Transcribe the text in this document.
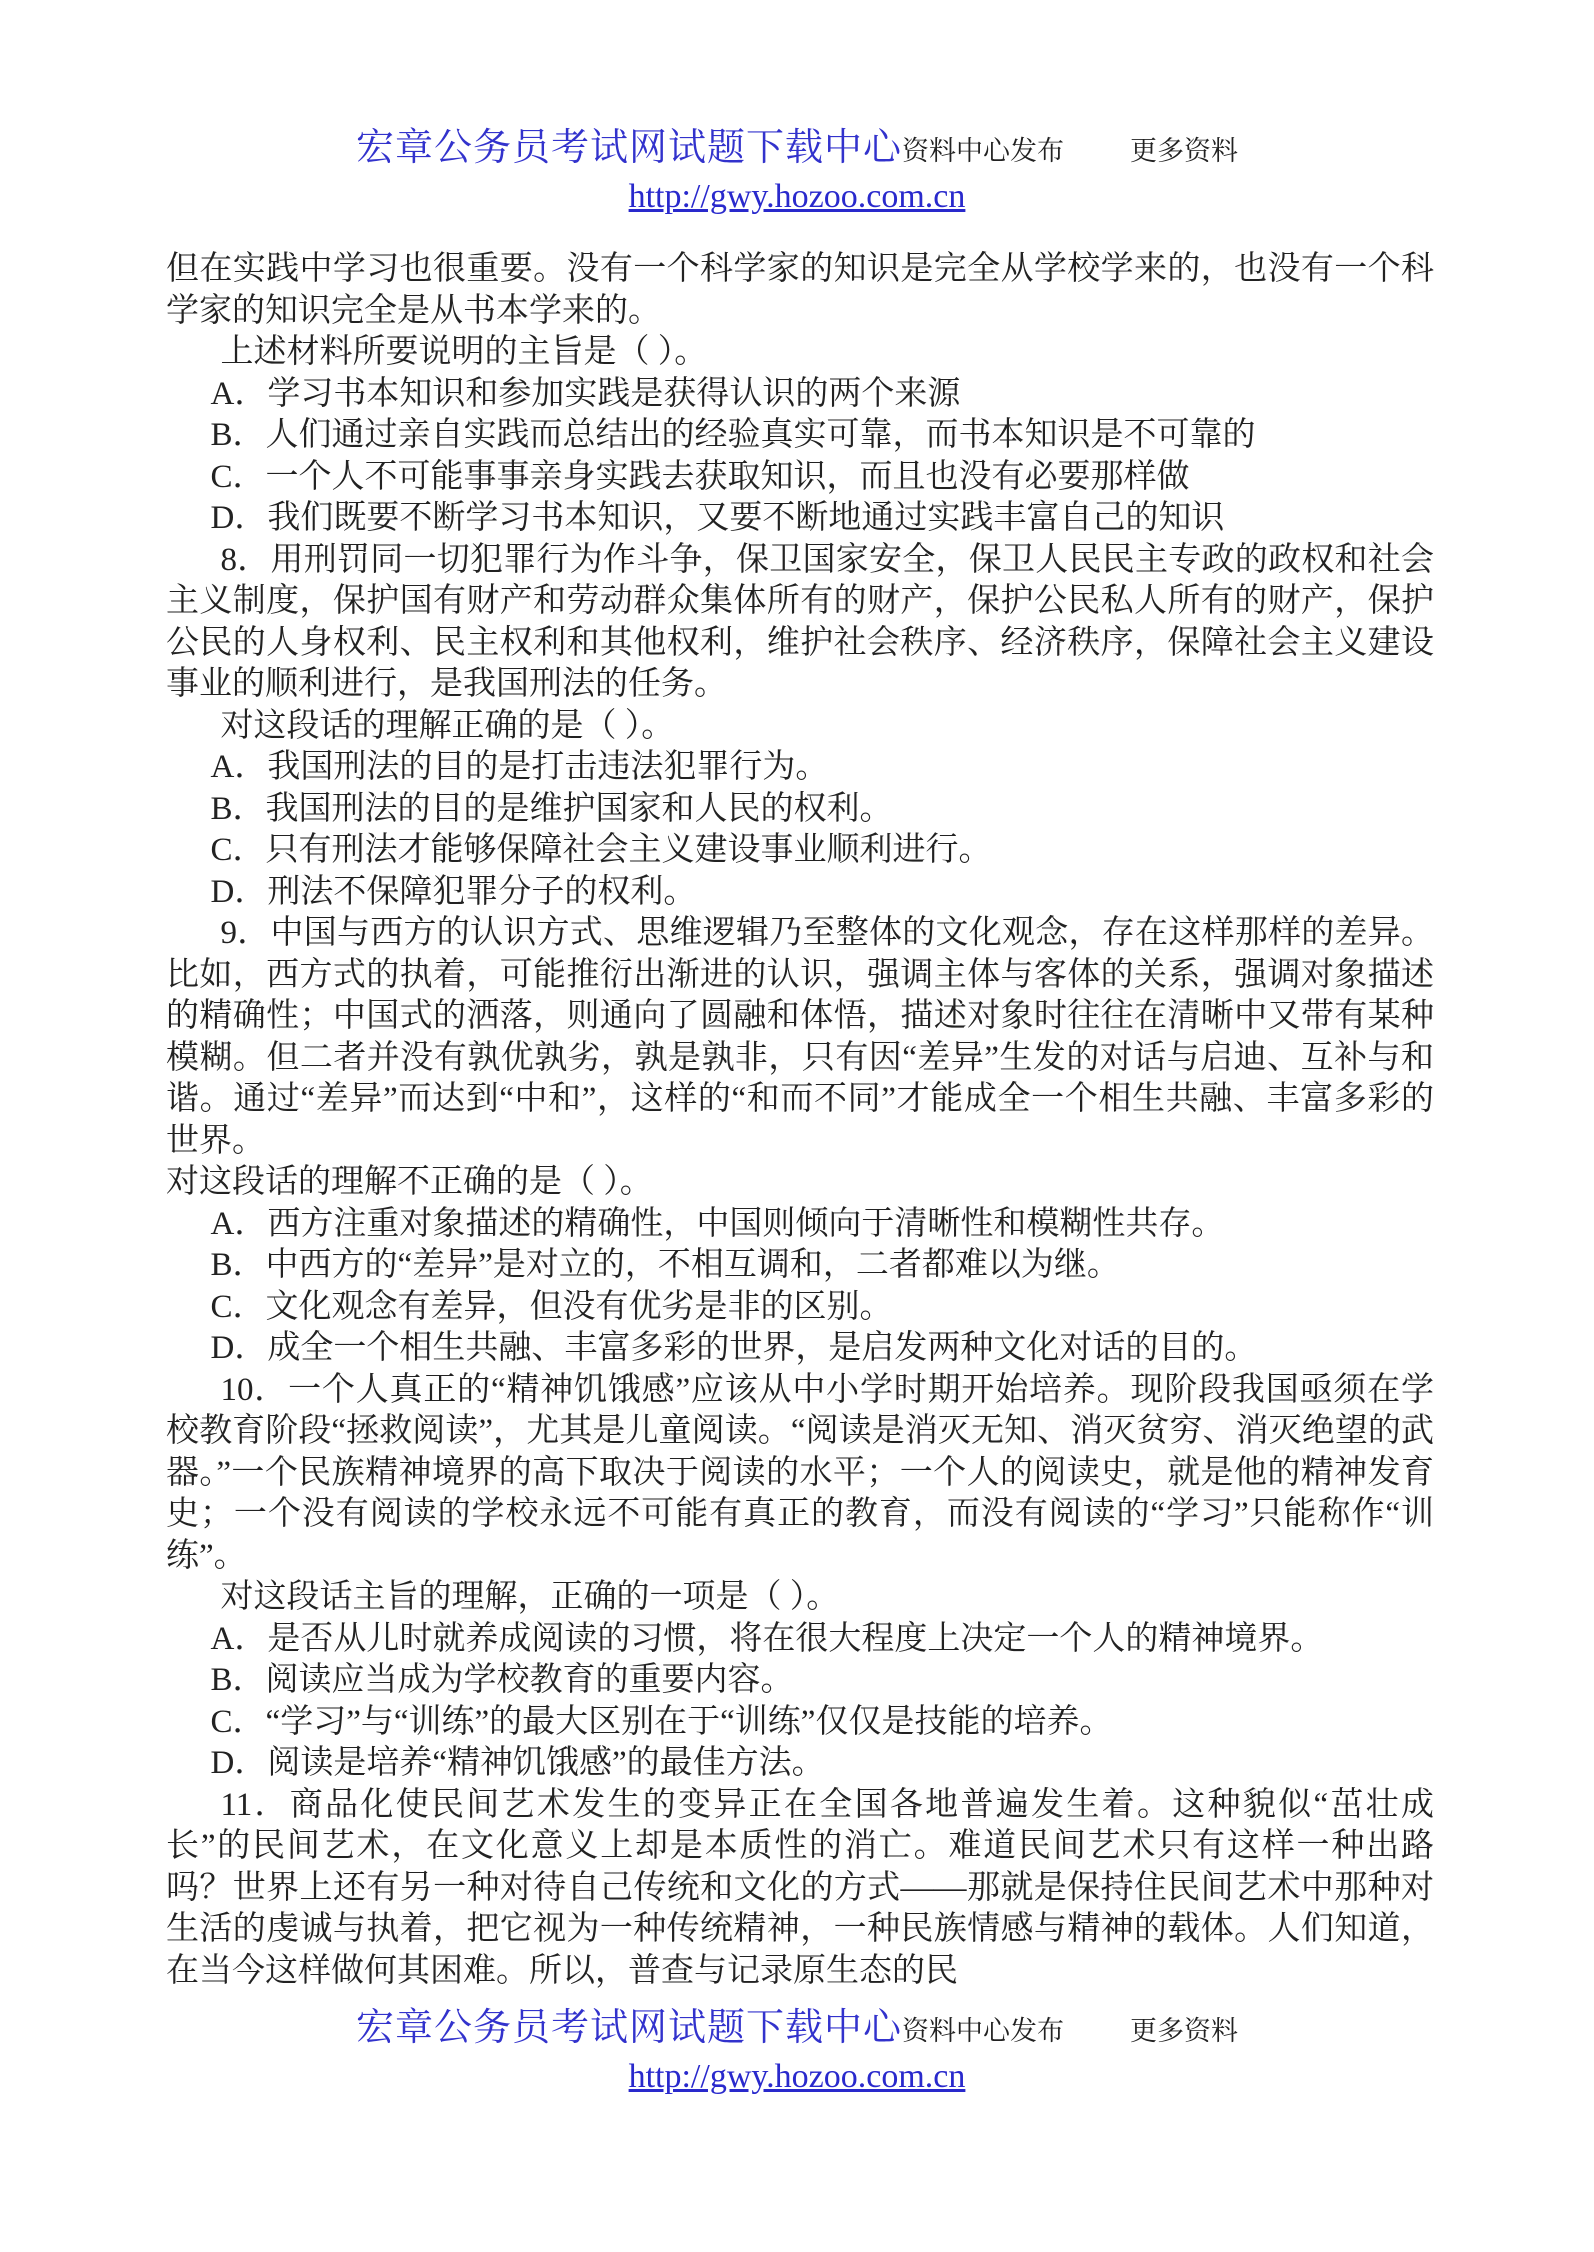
宏章公务员考试网试题下载中心资料中心发布 更多资料
http://gwy.hozoo.com.cn

但在实践中学习也很重要。没有一个科学家的知识是完全从学校学来的，也没有一个科学家的知识完全是从书本学来的。

上述材料所要说明的主旨是（ ）。

A．学习书本知识和参加实践是获得认识的两个来源

B．人们通过亲自实践而总结出的经验真实可靠，而书本知识是不可靠的

C．一个人不可能事事亲身实践去获取知识，而且也没有必要那样做

D．我们既要不断学习书本知识，又要不断地通过实践丰富自己的知识

8．用刑罚同一切犯罪行为作斗争，保卫国家安全，保卫人民民主专政的政权和社会主义制度，保护国有财产和劳动群众集体所有的财产，保护公民私人所有的财产，保护公民的人身权利、民主权利和其他权利，维护社会秩序、经济秩序，保障社会主义建设事业的顺利进行，是我国刑法的任务。

对这段话的理解正确的是（ ）。

A．我国刑法的目的是打击违法犯罪行为。

B．我国刑法的目的是维护国家和人民的权利。

C．只有刑法才能够保障社会主义建设事业顺利进行。

D．刑法不保障犯罪分子的权利。

9．中国与西方的认识方式、思维逻辑乃至整体的文化观念，存在这样那样的差异。比如，西方式的执着，可能推衍出渐进的认识，强调主体与客体的关系，强调对象描述的精确性；中国式的洒落，则通向了圆融和体悟，描述对象时往往在清晰中又带有某种模糊。但二者并没有孰优孰劣，孰是孰非，只有因“差异”生发的对话与启迪、互补与和谐。通过“差异”而达到“中和”，这样的“和而不同”才能成全一个相生共融、丰富多彩的世界。

对这段话的理解不正确的是（ ）。

A．西方注重对象描述的精确性，中国则倾向于清晰性和模糊性共存。

B．中西方的“差异”是对立的，不相互调和，二者都难以为继。

C．文化观念有差异，但没有优劣是非的区别。

D．成全一个相生共融、丰富多彩的世界，是启发两种文化对话的目的。

10．一个人真正的“精神饥饿感”应该从中小学时期开始培养。现阶段我国亟须在学校教育阶段“拯救阅读”，尤其是儿童阅读。“阅读是消灭无知、消灭贫穷、消灭绝望的武器。”一个民族精神境界的高下取决于阅读的水平；一个人的阅读史，就是他的精神发育史；一个没有阅读的学校永远不可能有真正的教育，而没有阅读的“学习”只能称作“训练”。

对这段话主旨的理解，正确的一项是（ ）。

A．是否从儿时就养成阅读的习惯，将在很大程度上决定一个人的精神境界。

B．阅读应当成为学校教育的重要内容。

C．“学习”与“训练”的最大区别在于“训练”仅仅是技能的培养。

D．阅读是培养“精神饥饿感”的最佳方法。

11．商品化使民间艺术发生的变异正在全国各地普遍发生着。这种貌似“茁壮成长”的民间艺术，在文化意义上却是本质性的消亡。难道民间艺术只有这样一种出路吗？世界上还有另一种对待自己传统和文化的方式——那就是保持住民间艺术中那种对生活的虔诚与执着，把它视为一种传统精神，一种民族情感与精神的载体。人们知道，在当今这样做何其困难。所以，普查与记录原生态的民

宏章公务员考试网试题下载中心资料中心发布 更多资料
http://gwy.hozoo.com.cn
